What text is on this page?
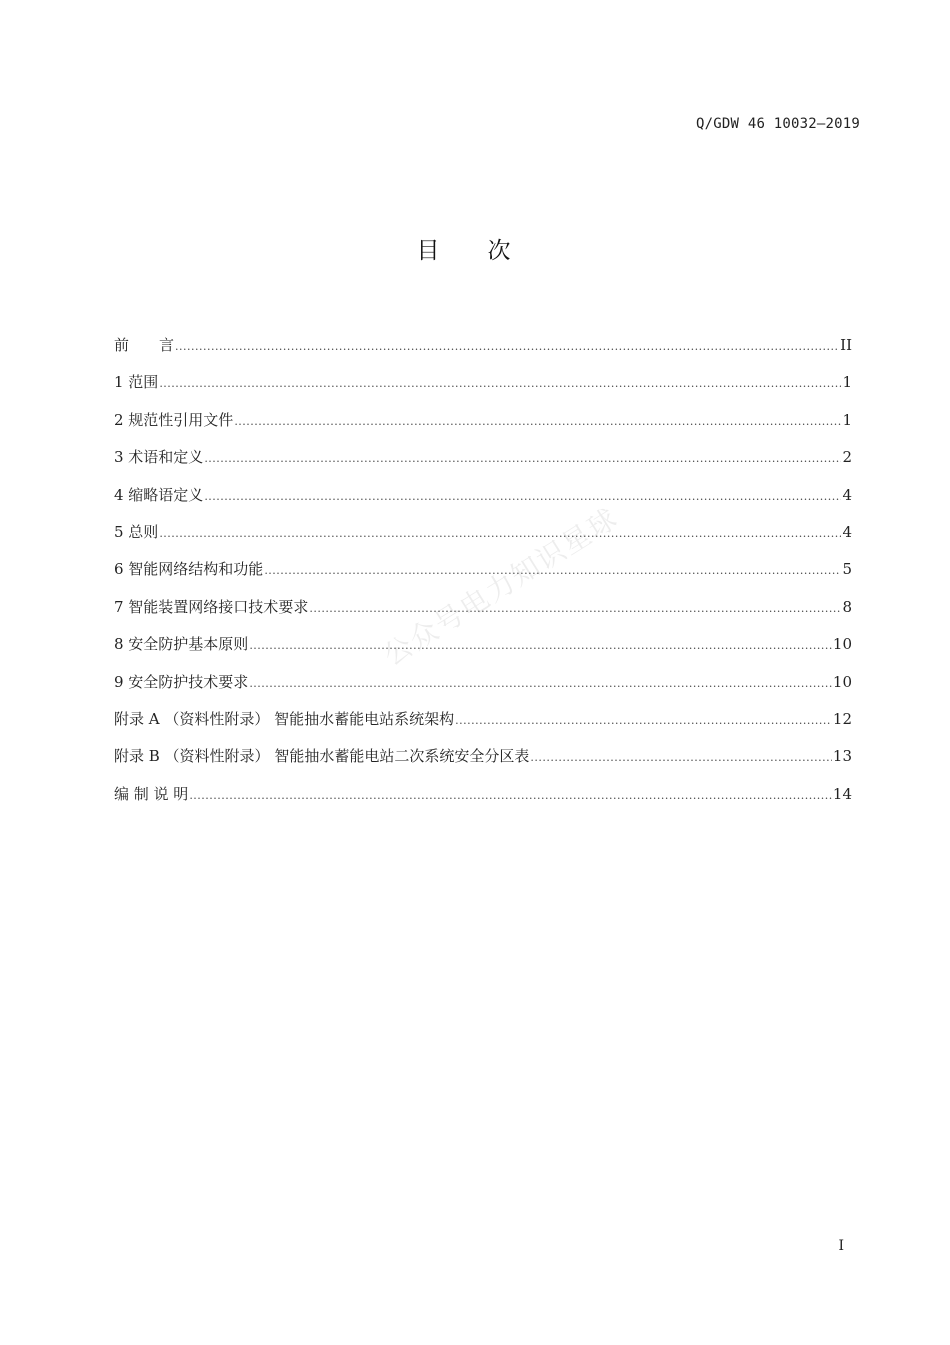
Q/GDW 46 10032—2019
目次
前　　言 .....	II
1 范围 .....	1
2 规范性引用文件 .....	1
3 术语和定义 .....	2
4 缩略语定义 .....	4
5 总则 .....	4
6 智能网络结构和功能 .....	5
7 智能装置网络接口技术要求 .....	8
8 安全防护基本原则 .....	10
9 安全防护技术要求 .....	10
附录 A （资料性附录） 智能抽水蓄能电站系统架构 .....	12
附录 B （资料性附录） 智能抽水蓄能电站二次系统安全分区表 .....	13
编 制 说 明 .....	14
公众号电力知识星球
I
